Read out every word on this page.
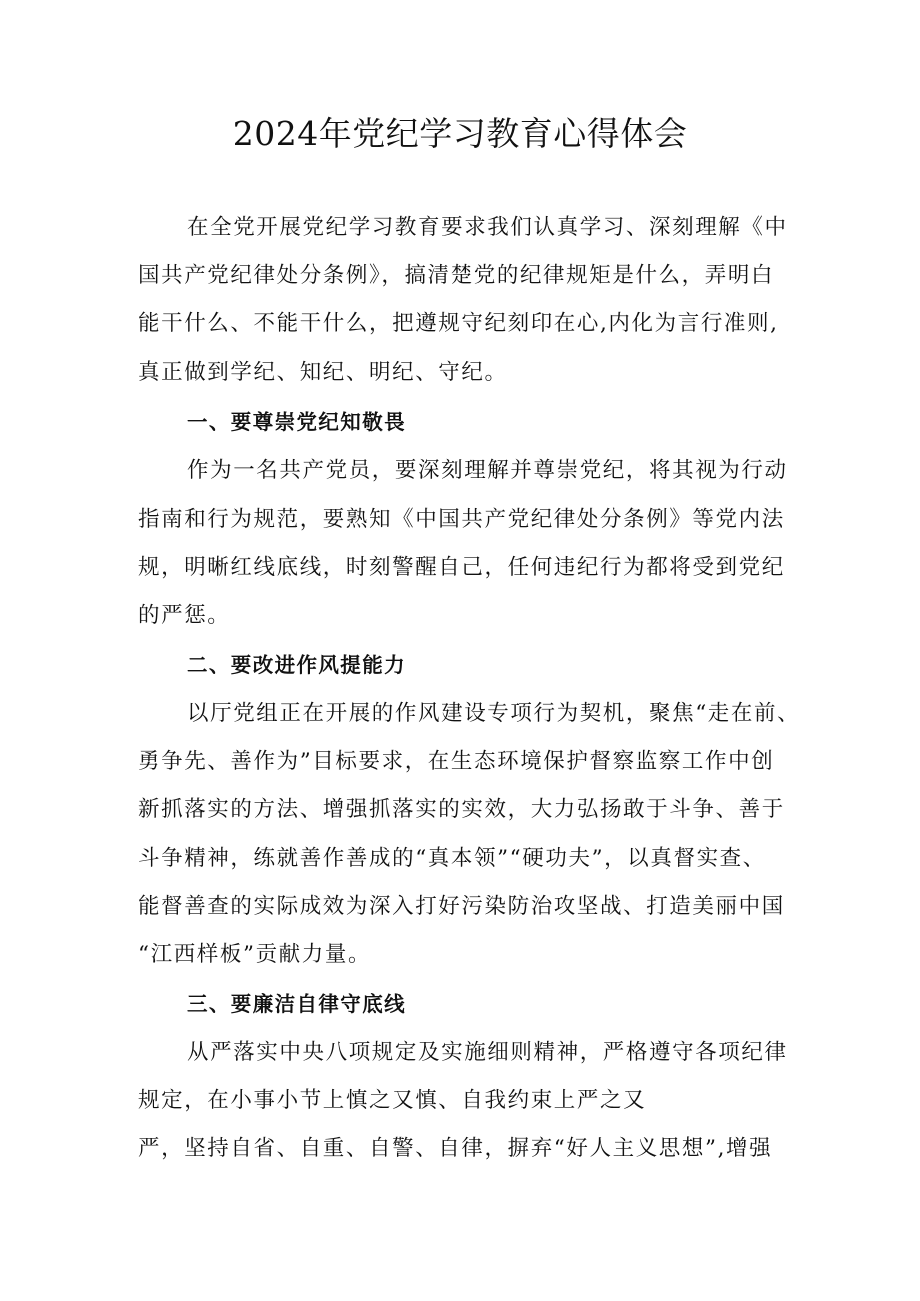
2024年党纪学习教育心得体会
在全党开展党纪学习教育要求我们认真学习、深刻理解《中
国共产党纪律处分条例》，搞清楚党的纪律规矩是什么，弄明白
能干什么、不能干什么，把遵规守纪刻印在心,内化为言行准则,
真正做到学纪、知纪、明纪、守纪。
一、要尊崇党纪知敬畏
作为一名共产党员，要深刻理解并尊崇党纪，将其视为行动
指南和行为规范，要熟知《中国共产党纪律处分条例》等党内法
规，明晰红线底线，时刻警醒自己，任何违纪行为都将受到党纪
的严惩。
二、要改进作风提能力
以厅党组正在开展的作风建设专项行为契机，聚焦“走在前、
勇争先、善作为”目标要求，在生态环境保护督察监察工作中创
新抓落实的方法、增强抓落实的实效，大力弘扬敢于斗争、善于
斗争精神，练就善作善成的“真本领”“硬功夫”，以真督实查、
能督善查的实际成效为深入打好污染防治攻坚战、打造美丽中国
“江西样板”贡献力量。
三、要廉洁自律守底线
从严落实中央八项规定及实施细则精神，严格遵守各项纪律
规定，在小事小节上慎之又慎、自我约束上严之又
严，坚持自省、自重、自警、自律，摒弃“好人主义思想”,增强
